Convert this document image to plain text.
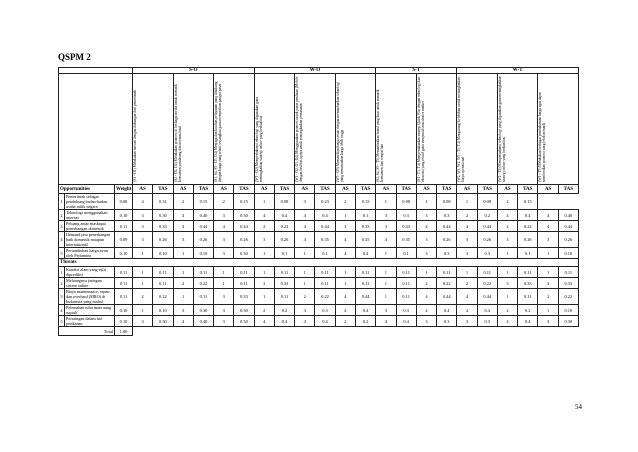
QSPM 2
			S-O						W-O						S-T				W-T					
			(S1 - O1) Melakukan inovasi dengan dukungan dari pemerintah		(S2 - O2, O4) Melakukan promosi di berbagai media untuk menarik konsumen pendatang dan internasional		(S3, S4, S5 - O3, O4) Menjaga dan kualitas pelayanan yang didukung dengan harga yang relatif terjangkau guna memperluas pangsa pasar		(W1 - O2) Memperbaharui teknologi yang digunakan guna meningkatkan strategi online yang berkualitas		(W4 - O2, O3, O4) Menggunakan promosi untuk pasar pendatan (Mobile dengan fasilitas upaya untuk meningkatkan pemasaran		(W5 - O5) Memastikan harga sesuai dengan memanfaatkan teknologi yang menawarkan harga lebih tinggi		(S2, S4, S5 - T5) Memanfaatkan brand yang kuat untuk menarik konsumen dari tempat lain		(S1 - T3, T4) Mempertahankan strategi Quick Win dengan teknologi dan ekonomi yang relatif guna menjawab atau dealer market		(W2, W3, W4, W5 - T3, T4) Mengurangi kelebihan untuk meningkatkan biaya operasional		(W1 - T2) Memperbaharui teknologi yang digunakan guna meningkatkan strategi online yang berkualitas		(W1 - T5) Melakukan berbagai pembaharuan harga agar dapat memberikan promosi yang lebih menarik	
Opportunities		Weight	AS	TAS	AS	TAS	AS	TAS	AS	TAS	AS	TAS	AS	TAS	AS	TAS	AS	TAS	AS	TAS	AS	TAS	AS	TAS
1	Pemerintah sebagai pendukung badan-badan usaha milik negara	0.08	4	0.31	2	0.15	2	0.15	1	0.08	3	0.23	2	0.15	1	0.08	1	0.08	1	0.08	2	0.15		
2	Teknologi menggunakan internet	0.10	3	0.30	4	0.40	3	0.30	4	0.4	4	0.4	1	0.1	3	0.3	3	0.3	2	0.2	4	0.4	4	0.40
3	Peluang antar maskapai penerbangan domestik	0.11	3	0.33	4	0.44	4	0.44	2	0.22	4	0.44	3	0.33	3	0.33	4	0.44	4	0.44	2	0.22	4	0.44
4	Demand jasa penerbangan baik domestik maupun internasional	0.09	3	0.26	3	0.26	3	0.26	3	0.26	4	0.35	4	0.35	4	0.35	3	0.26	3	0.26	3	0.26	3	0.26
5	Pertumbuhan harga avtur oleh Pertamina	0.10	1	0.10	1	0.10	3	0.30	1	0.1	1	0.1	4	0.4	1	0.1	3	0.3	3	0.3	1	0.1	1	0.10
Threats																								
1	Kondisi alam yang sulit diprediksi	0.11	1	0.11	1	0.11	1	0.11	1	0.11	1	0.11	1	0.11	1	0.11	1	0.11	1	0.11	1	0.11	1	0.11
2	Meluangnya jaringan sistem online	0.11	1	0.11	2	0.22	1	0.11	3	0.33	1	0.11	1	0.11	1	0.11	2	0.22	2	0.22	3	0.33	3	0.33
3	Biaya maintenance, repair, dan overhaul (MRO) di Indonesia yang mahal	0.11	2	0.22	1	0.11	3	0.33	1	0.11	2	0.22	4	0.44	1	0.11	4	0.44	4	0.44	1	0.11	2	0.22
4	Pelemahan nilai mata uang rupiah	0.10	1	0.10	3	0.30	3	0.30	2	0.2	3	0.3	4	0.4	3	0.3	4	0.4	4	0.4	2	0.2	1	0.10
5	Persaingan dalam hal perikanan	0.10	3	0.30	4	0.40	3	0.30	4	0.4	4	0.4	2	0.2	4	0.4	3	0.3	3	0.3	4	0.4	3	0.30
Total		1.00																						
54
